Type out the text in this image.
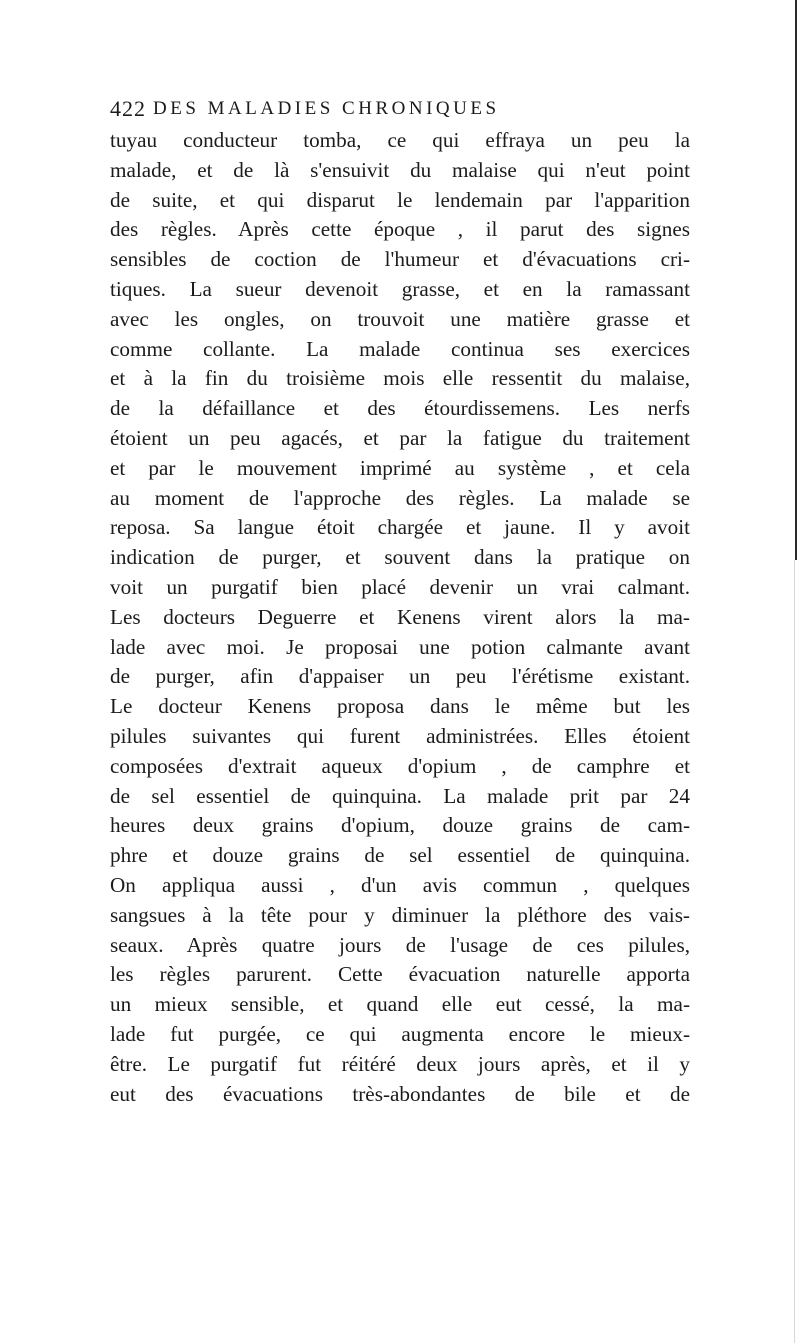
422 DES MALADIES CHRONIQUES
tuyau conducteur tomba, ce qui effraya un peu la
malade, et de là s'ensuivit du malaise qui n'eut point
de suite, et qui disparut le lendemain par l'apparition
des règles. Après cette époque , il parut des signes
sensibles de coction de l'humeur et d'évacuations cri-
tiques. La sueur devenoit grasse, et en la ramassant
avec les ongles, on trouvoit une matière grasse et
comme collante. La malade continua ses exercices
et à la fin du troisième mois elle ressentit du malaise,
de la défaillance et des étourdissemens. Les nerfs
étoient un peu agacés, et par la fatigue du traitement
et par le mouvement imprimé au système , et cela
au moment de l'approche des règles. La malade se
reposa. Sa langue étoit chargée et jaune. Il y avoit
indication de purger, et souvent dans la pratique on
voit un purgatif bien placé devenir un vrai calmant.
Les docteurs Deguerre et Kenens virent alors la ma-
lade avec moi. Je proposai une potion calmante avant
de purger, afin d'appaiser un peu l'érétisme existant.
Le docteur Kenens proposa dans le même but les
pilules suivantes qui furent administrées. Elles étoient
composées d'extrait aqueux d'opium , de camphre et
de sel essentiel de quinquina. La malade prit par 24
heures deux grains d'opium, douze grains de cam-
phre et douze grains de sel essentiel de quinquina.
On appliqua aussi , d'un avis commun , quelques
sangsues à la tête pour y diminuer la pléthore des vais-
seaux. Après quatre jours de l'usage de ces pilules,
les règles parurent. Cette évacuation naturelle apporta
un mieux sensible, et quand elle eut cessé, la ma-
lade fut purgée, ce qui augmenta encore le mieux-
être. Le purgatif fut réitéré deux jours après, et il y
eut des évacuations très-abondantes de bile et de
